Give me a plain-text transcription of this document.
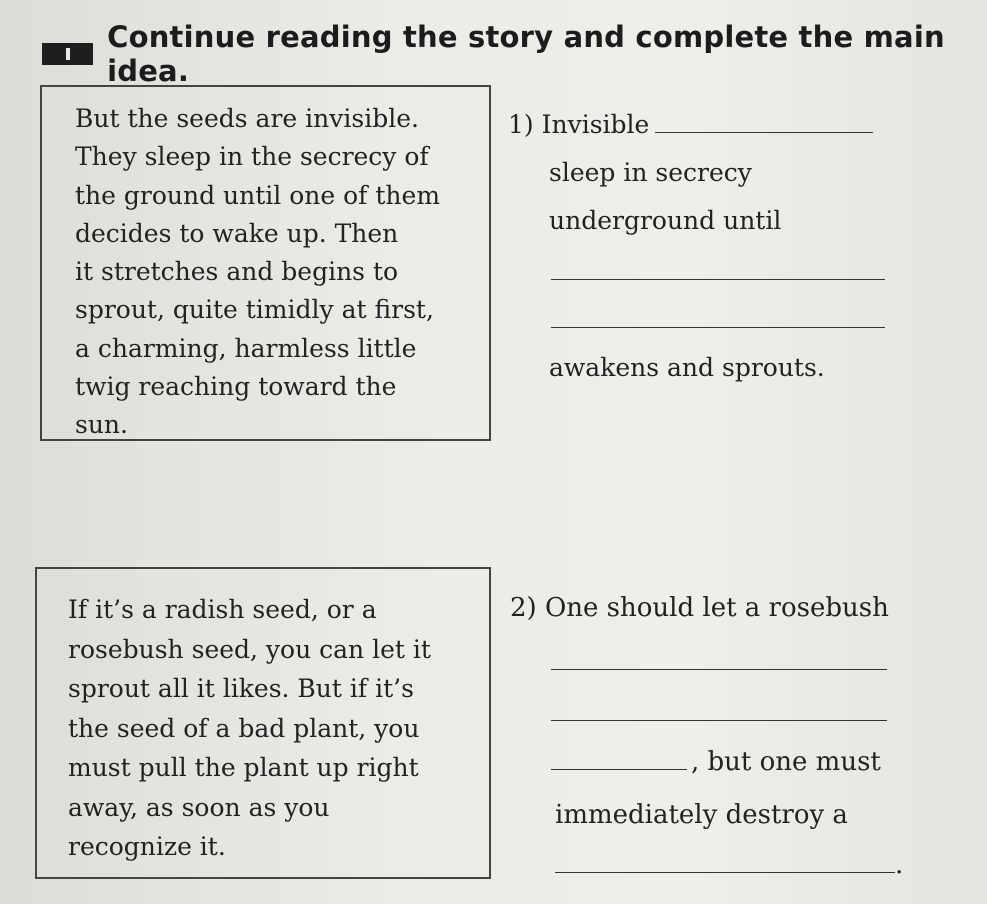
Continue reading the story and complete the main idea.
But the seeds are invisible.
They sleep in the secrecy of
the ground until one of them
decides to wake up. Then
it stretches and begins to
sprout, quite timidly at first,
a charming, harmless little
twig reaching toward the
sun.
1) Invisible
sleep in secrecy
underground until
awakens and sprouts.
If it’s a radish seed, or a
rosebush seed, you can let it
sprout all it likes. But if it’s
the seed of a bad plant, you
must pull the plant up right
away, as soon as you
recognize it.
2) One should let a rosebush
, but one must
immediately destroy a
.
